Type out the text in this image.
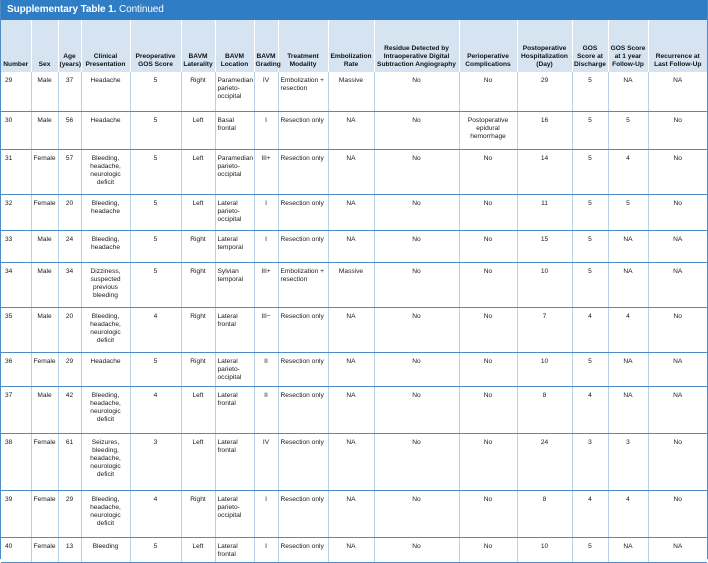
Supplementary Table 1. Continued
Number	Sex	Age (years)	Clinical Presentation	Preoperative GOS Score	BAVM Laterality	BAVM Location	BAVM Grading	Treatment Modality	Embolization Rate	Residue Detected by Intraoperative Digital Subtraction Angiography	Perioperative Complications	Postoperative Hospitalization (Day)	GOS Score at Discharge	GOS Score at 1 year Follow-Up	Recurrence at Last Follow-Up
29	Male	37	Headache	5	Right	Paramedian parieto-occipital	IV	Embolization + resection	Massive	No	No	29	5	NA	NA
30	Male	56	Headache	5	Left	Basal frontal	I	Resection only	NA	No	Postoperative epidural hemorrhage	16	5	5	No
31	Female	57	Bleeding, headache, neurologic deficit	5	Left	Paramedian parieto-occipital	III+	Resection only	NA	No	No	14	5	4	No
32	Female	20	Bleeding, headache	5	Left	Lateral parieto-occipital	I	Resection only	NA	No	No	11	5	5	No
33	Male	24	Bleeding, headache	5	Right	Lateral temporal	I	Resection only	NA	No	No	15	5	NA	NA
34	Male	34	Dizziness, suspected previous bleeding	5	Right	Sylvian temporal	III+	Embolization + resection	Massive	No	No	10	5	NA	NA
35	Male	20	Bleeding, headache, neurologic deficit	4	Right	Lateral frontal	III−	Resection only	NA	No	No	7	4	4	No
36	Female	29	Headache	5	Right	Lateral parieto-occipital	II	Resection only	NA	No	No	10	5	NA	NA
37	Male	42	Bleeding, headache, neurologic deficit	4	Left	Lateral frontal	II	Resection only	NA	No	No	8	4	NA	NA
38	Female	61	Seizures, bleeding, headache, neurologic deficit	3	Left	Lateral frontal	IV	Resection only	NA	No	No	24	3	3	No
39	Female	29	Bleeding, headache, neurologic deficit	4	Right	Lateral parieto-occipital	I	Resection only	NA	No	No	8	4	4	No
40	Female	13	Bleeding	5	Left	Lateral frontal	I	Resection only	NA	No	No	10	5	NA	NA
